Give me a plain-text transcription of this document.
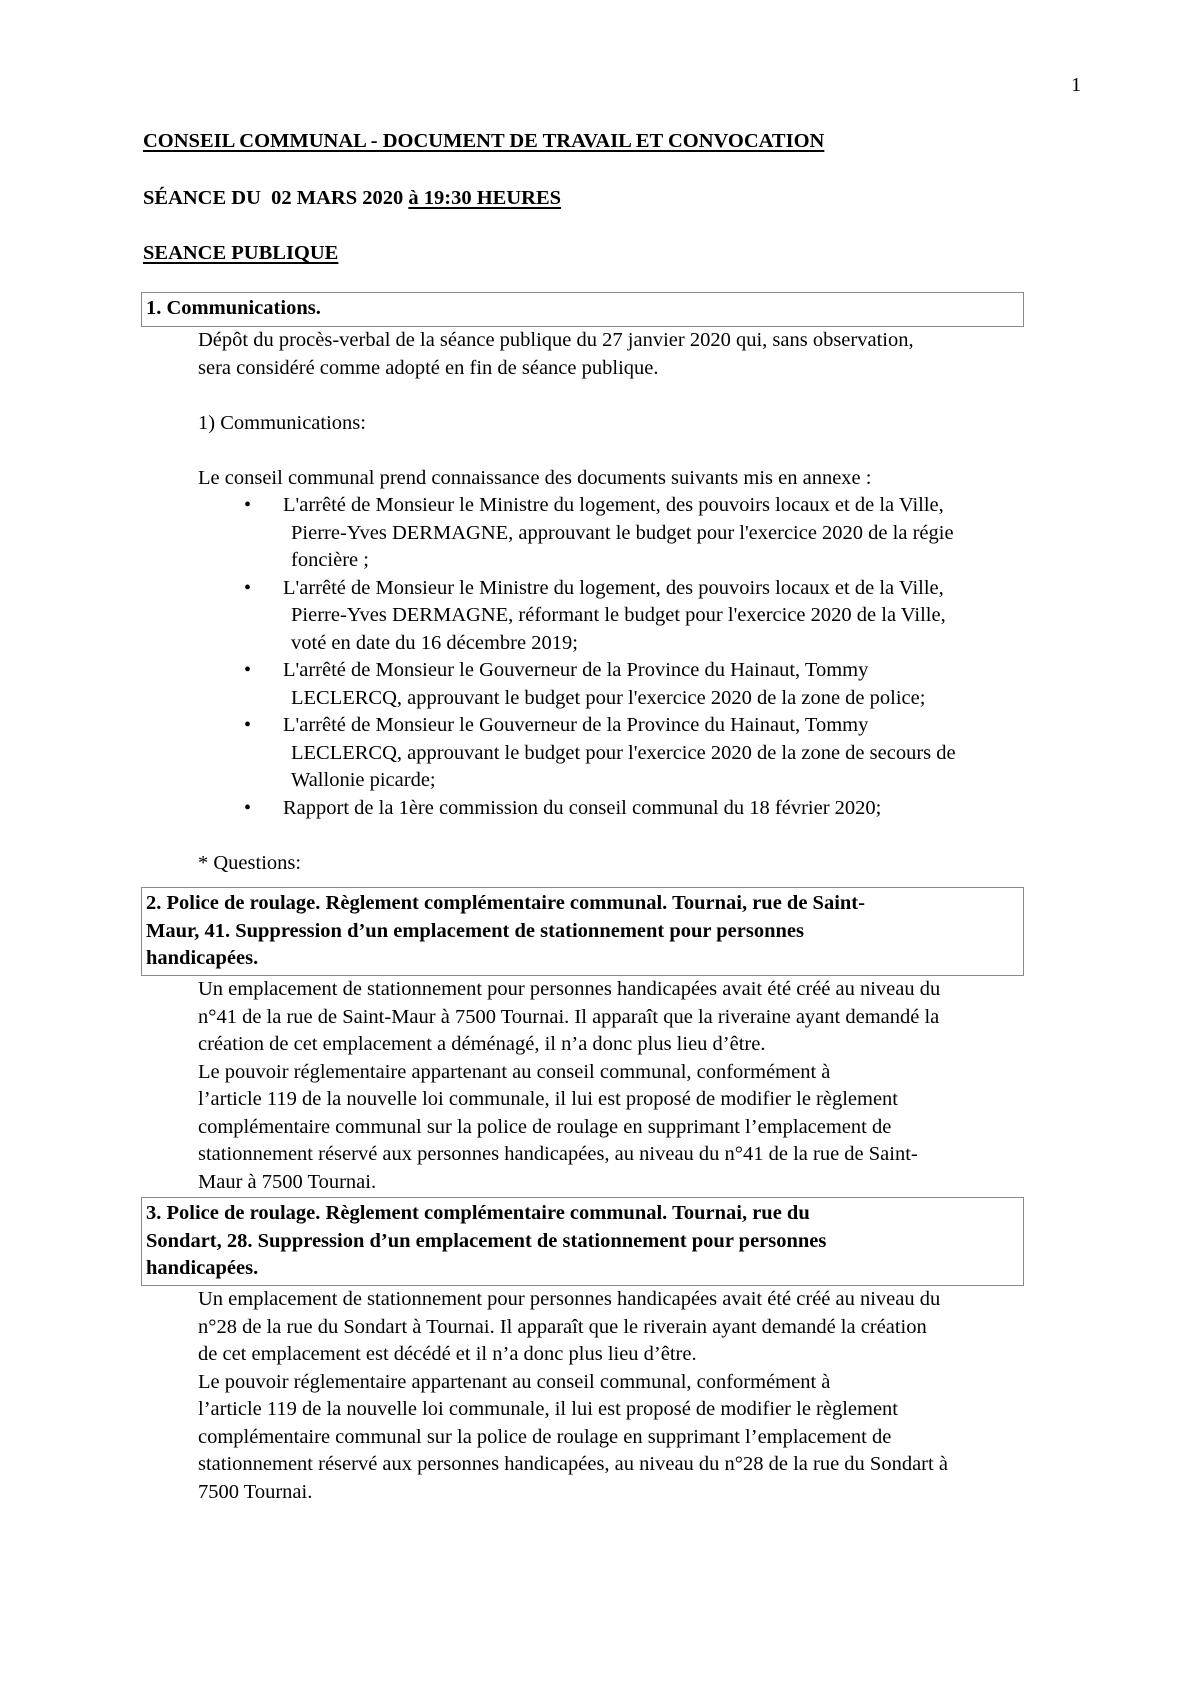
1
CONSEIL COMMUNAL - DOCUMENT DE TRAVAIL ET CONVOCATION
SÉANCE DU  02 MARS 2020 à 19:30 HEURES
SEANCE PUBLIQUE
1. Communications.

Dépôt du procès-verbal de la séance publique du 27 janvier 2020 qui, sans observation,

sera considéré comme adopté en fin de séance publique.

1) Communications:

Le conseil communal prend connaissance des documents suivants mis en annexe :

• L'arrêté de Monsieur le Ministre du logement, des pouvoirs locaux et de la Ville,
Pierre-Yves DERMAGNE, approuvant le budget pour l'exercice 2020 de la régie
foncière ;
• L'arrêté de Monsieur le Ministre du logement, des pouvoirs locaux et de la Ville,
Pierre-Yves DERMAGNE, réformant le budget pour l'exercice 2020 de la Ville,
voté en date du 16 décembre 2019;
• L'arrêté de Monsieur le Gouverneur de la Province du Hainaut, Tommy
LECLERCQ, approuvant le budget pour l'exercice 2020 de la zone de police;
• L'arrêté de Monsieur le Gouverneur de la Province du Hainaut, Tommy
LECLERCQ, approuvant le budget pour l'exercice 2020 de la zone de secours de
Wallonie picarde;
• Rapport de la 1ère commission du conseil communal du 18 février 2020;

* Questions:

2. Police de roulage. Règlement complémentaire communal. Tournai, rue de Saint-
Maur, 41. Suppression d’un emplacement de stationnement pour personnes
handicapées.

Un emplacement de stationnement pour personnes handicapées avait été créé au niveau du

n°41 de la rue de Saint-Maur à 7500 Tournai. Il apparaît que la riveraine ayant demandé la

création de cet emplacement a déménagé, il n’a donc plus lieu d’être.

Le pouvoir réglementaire appartenant au conseil communal, conformément à

l’article 119 de la nouvelle loi communale, il lui est proposé de modifier le règlement

complémentaire communal sur la police de roulage en supprimant l’emplacement de

stationnement réservé aux personnes handicapées, au niveau du n°41 de la rue de Saint-

Maur à 7500 Tournai.

3. Police de roulage. Règlement complémentaire communal. Tournai, rue du
Sondart, 28. Suppression d’un emplacement de stationnement pour personnes
handicapées.

Un emplacement de stationnement pour personnes handicapées avait été créé au niveau du

n°28 de la rue du Sondart à Tournai. Il apparaît que le riverain ayant demandé la création

de cet emplacement est décédé et il n’a donc plus lieu d’être.

Le pouvoir réglementaire appartenant au conseil communal, conformément à

l’article 119 de la nouvelle loi communale, il lui est proposé de modifier le règlement

complémentaire communal sur la police de roulage en supprimant l’emplacement de

stationnement réservé aux personnes handicapées, au niveau du n°28 de la rue du Sondart à

7500 Tournai.
